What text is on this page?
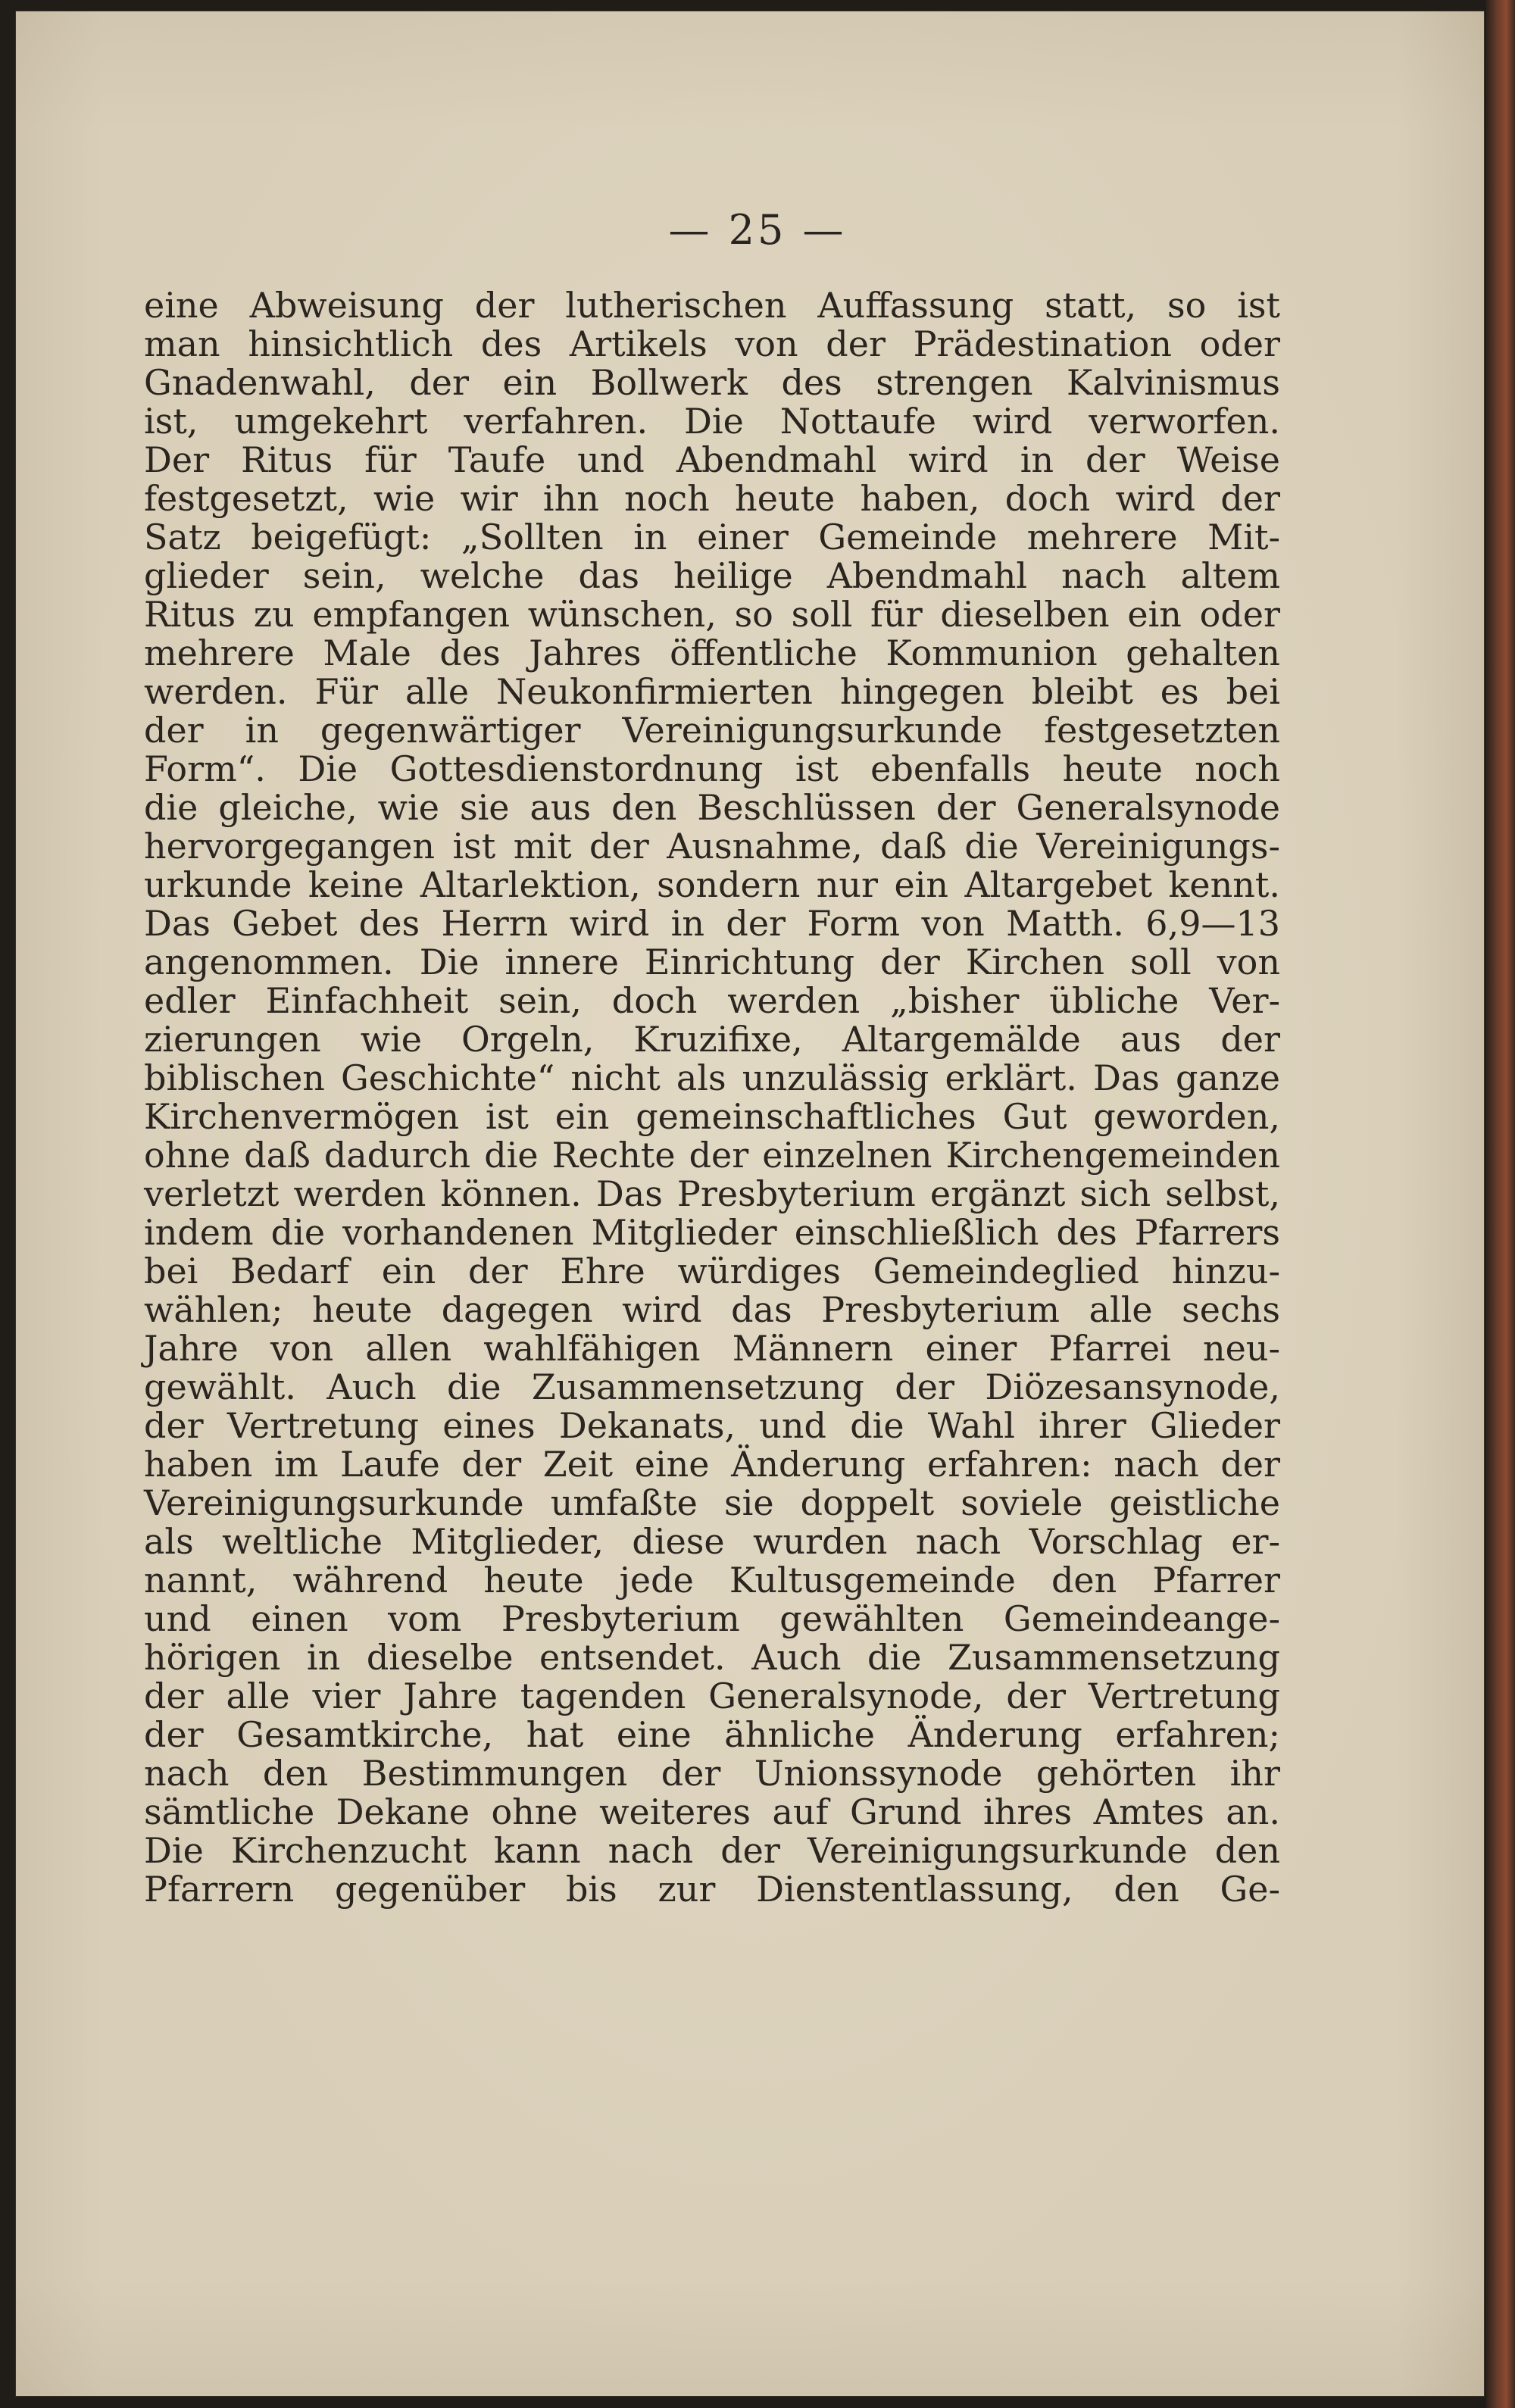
— 25 —
eine Abweisung der lutherischen Auffassung statt, so ist
man hinsichtlich des Artikels von der Prädestination oder
Gnadenwahl, der ein Bollwerk des strengen Kalvinismus
ist, umgekehrt verfahren. Die Nottaufe wird verworfen.
Der Ritus für Taufe und Abendmahl wird in der Weise
festgesetzt, wie wir ihn noch heute haben, doch wird der
Satz beigefügt: „Sollten in einer Gemeinde mehrere Mit-
glieder sein, welche das heilige Abendmahl nach altem
Ritus zu empfangen wünschen, so soll für dieselben ein oder
mehrere Male des Jahres öffentliche Kommunion gehalten
werden. Für alle Neukonfirmierten hingegen bleibt es bei
der in gegenwärtiger Vereinigungsurkunde festgesetzten
Form“. Die Gottesdienstordnung ist ebenfalls heute noch
die gleiche, wie sie aus den Beschlüssen der Generalsynode
hervorgegangen ist mit der Ausnahme, daß die Vereinigungs-
urkunde keine Altarlektion, sondern nur ein Altargebet kennt.
Das Gebet des Herrn wird in der Form von Matth. 6,9—13
angenommen. Die innere Einrichtung der Kirchen soll von
edler Einfachheit sein, doch werden „bisher übliche Ver-
zierungen wie Orgeln, Kruzifixe, Altargemälde aus der
biblischen Geschichte“ nicht als unzulässig erklärt. Das ganze
Kirchenvermögen ist ein gemeinschaftliches Gut geworden,
ohne daß dadurch die Rechte der einzelnen Kirchengemeinden
verletzt werden können. Das Presbyterium ergänzt sich selbst,
indem die vorhandenen Mitglieder einschließlich des Pfarrers
bei Bedarf ein der Ehre würdiges Gemeindeglied hinzu-
wählen; heute dagegen wird das Presbyterium alle sechs
Jahre von allen wahlfähigen Männern einer Pfarrei neu-
gewählt. Auch die Zusammensetzung der Diözesansynode,
der Vertretung eines Dekanats, und die Wahl ihrer Glieder
haben im Laufe der Zeit eine Änderung erfahren: nach der
Vereinigungsurkunde umfaßte sie doppelt soviele geistliche
als weltliche Mitglieder, diese wurden nach Vorschlag er-
nannt, während heute jede Kultusgemeinde den Pfarrer
und einen vom Presbyterium gewählten Gemeindeange-
hörigen in dieselbe entsendet. Auch die Zusammensetzung
der alle vier Jahre tagenden Generalsynode, der Vertretung
der Gesamtkirche, hat eine ähnliche Änderung erfahren;
nach den Bestimmungen der Unionssynode gehörten ihr
sämtliche Dekane ohne weiteres auf Grund ihres Amtes an.
Die Kirchenzucht kann nach der Vereinigungsurkunde den
Pfarrern gegenüber bis zur Dienstentlassung, den Ge-
